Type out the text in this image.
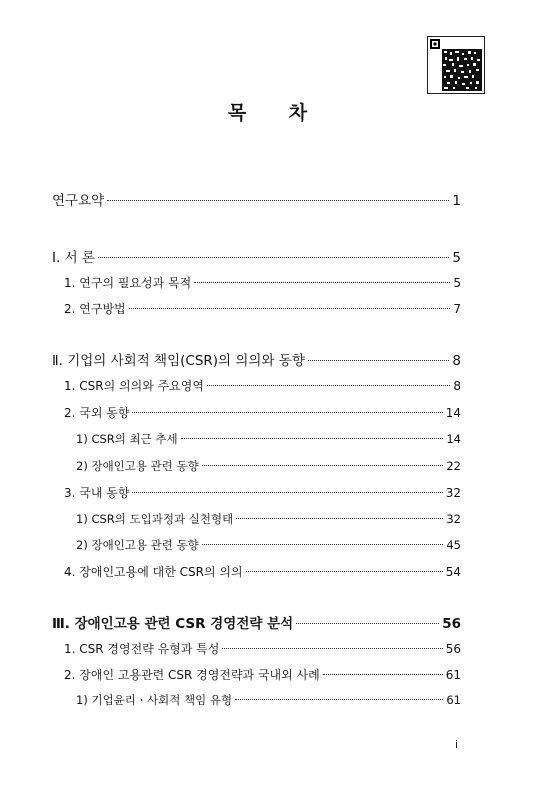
목 차
연구요약	1
Ⅰ. 서 론	5
1. 연구의 필요성과 목적	5
2. 연구방법	7
Ⅱ. 기업의 사회적 책임(CSR)의 의의와 동향	8
1. CSR의 의의와 주요영역	8
2. 국외 동향	14
1) CSR의 최근 추세	14
2) 장애인고용 관련 동향	22
3. 국내 동향	32
1) CSR의 도입과정과 실천형태	32
2) 장애인고용 관련 동향	45
4. 장애인고용에 대한 CSR의 의의	54
Ⅲ. 장애인고용 관련 CSR 경영전략 분석	56
1. CSR 경영전략 유형과 특성	56
2. 장애인 고용관련 CSR 경영전략과 국내외 사례	61
1) 기업윤리ㆍ사회적 책임 유형	61
i
